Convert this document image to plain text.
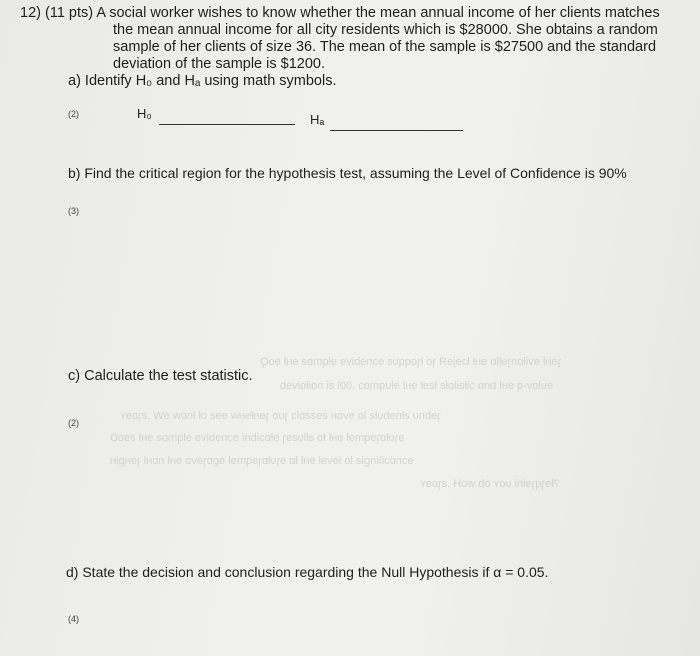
ɿɘʜƚ ɘviƚɒnɿɘƚlɒ ɘʜƚ ƚɔɘjɘЯ ɿo ƚɿoqqυƨ ɘɔnɘbivɘ ɘlqmɒƨ ɘʜƚ ɘoQ
ɘυlɒv-q ɘʜƚ bnɒ ɔiƚƨiƚɒƚƨ ƚƨɘƚ ɘʜƚ ɘƚυqmoɔ .00Ɩ ƨi noiƚɒivɘb
ɿɘbnυ ƨƚnɘbυƚƨ lo ɘvɒʜ ƨɘƨƨɒlɔ ɿυo ɿɘʜƚɘʜw ɘɘƨ oƚ ƚnɒw ɘW .ƨɿɒɘʏ
ɘɿυƚɒɿɘqmɘƚ ɘʜƚ ƚɒ ƨƚlυƨɘɿ ɘƚɒɔibni ɘɔnɘbivɘ ɘlqmɒƨ ɘʜƚ ƨɘoD
ɘɔnɒɔiʇinϱiƨ lo lɘvɘl ɘʜƚ ƚɒ ɘɿυƚɒɿɘqmɘƚ ɘϱɒɿɘvɒ ɘʜƚ nɒʜƚ ɿɘʜϱiʜ
?ƚɘɿqɿɘƚni υoʏ ob woH .ƨɿɒɘʏ
12) (11 pts) A social worker wishes to know whether the mean annual income of her clients matches
the mean annual income for all city residents which is $28000. She obtains a random
sample of her clients of size 36. The mean of the sample is $27500 and the standard
deviation of the sample is $1200.
a) Identify H₀ and Hₐ using math symbols.
(2)	H₀	Hₐ
b) Find the critical region for the hypothesis test, assuming the Level of Confidence is 90%
(3)
c) Calculate the test statistic.
(2)
d) State the decision and conclusion regarding the Null Hypothesis if α = 0.05.
(4)
